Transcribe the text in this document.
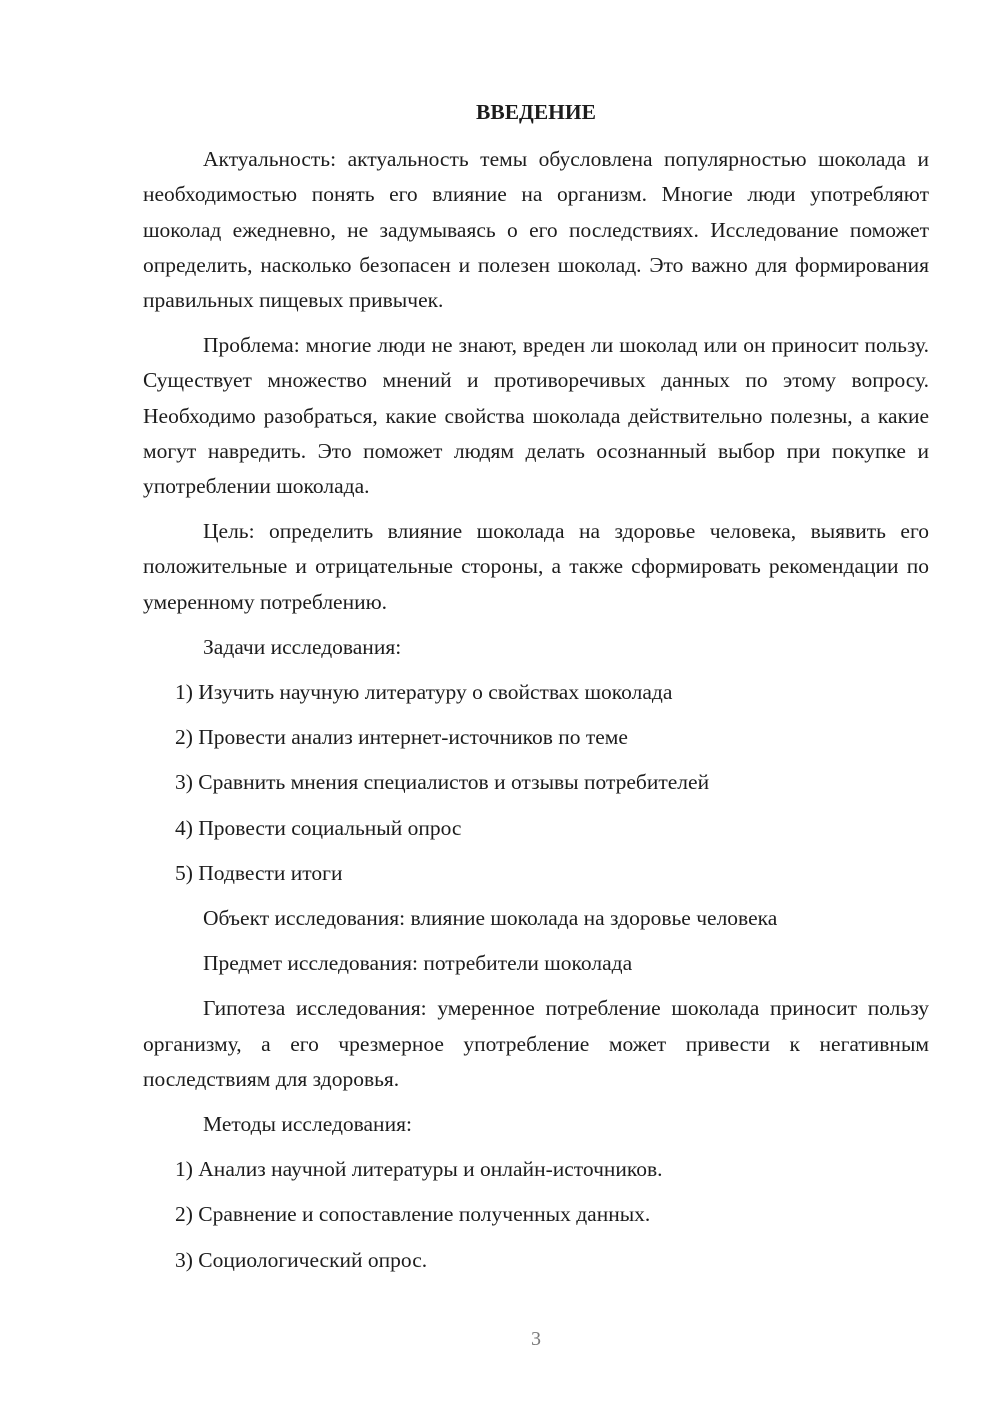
ВВЕДЕНИЕ

Актуальность: актуальность темы обусловлена популярностью шоколада и необходимостью понять его влияние на организм. Многие люди употребляют шоколад ежедневно, не задумываясь о его последствиях. Исследование поможет определить, насколько безопасен и полезен шоколад. Это важно для формирования правильных пищевых привычек.

Проблема: многие люди не знают, вреден ли шоколад или он приносит пользу. Существует множество мнений и противоречивых данных по этому вопросу. Необходимо разобраться, какие свойства шоколада действительно полезны, а какие могут навредить. Это поможет людям делать осознанный выбор при покупке и употреблении шоколада.

Цель: определить влияние шоколада на здоровье человека, выявить его положительные и отрицательные стороны, а также сформировать рекомендации по умеренному потреблению.

Задачи исследования:

1) Изучить научную литературу о свойствах шоколада

2) Провести анализ интернет-источников по теме

3) Сравнить мнения специалистов и отзывы потребителей

4) Провести социальный опрос

5) Подвести итоги

Объект исследования: влияние шоколада на здоровье человека

Предмет исследования: потребители шоколада

Гипотеза исследования: умеренное потребление шоколада приносит пользу организму, а его чрезмерное употребление может привести к негативным последствиям для здоровья.

Методы исследования:

1) Анализ научной литературы и онлайн-источников.

2) Сравнение и сопоставление полученных данных.

3) Социологический опрос.

3
